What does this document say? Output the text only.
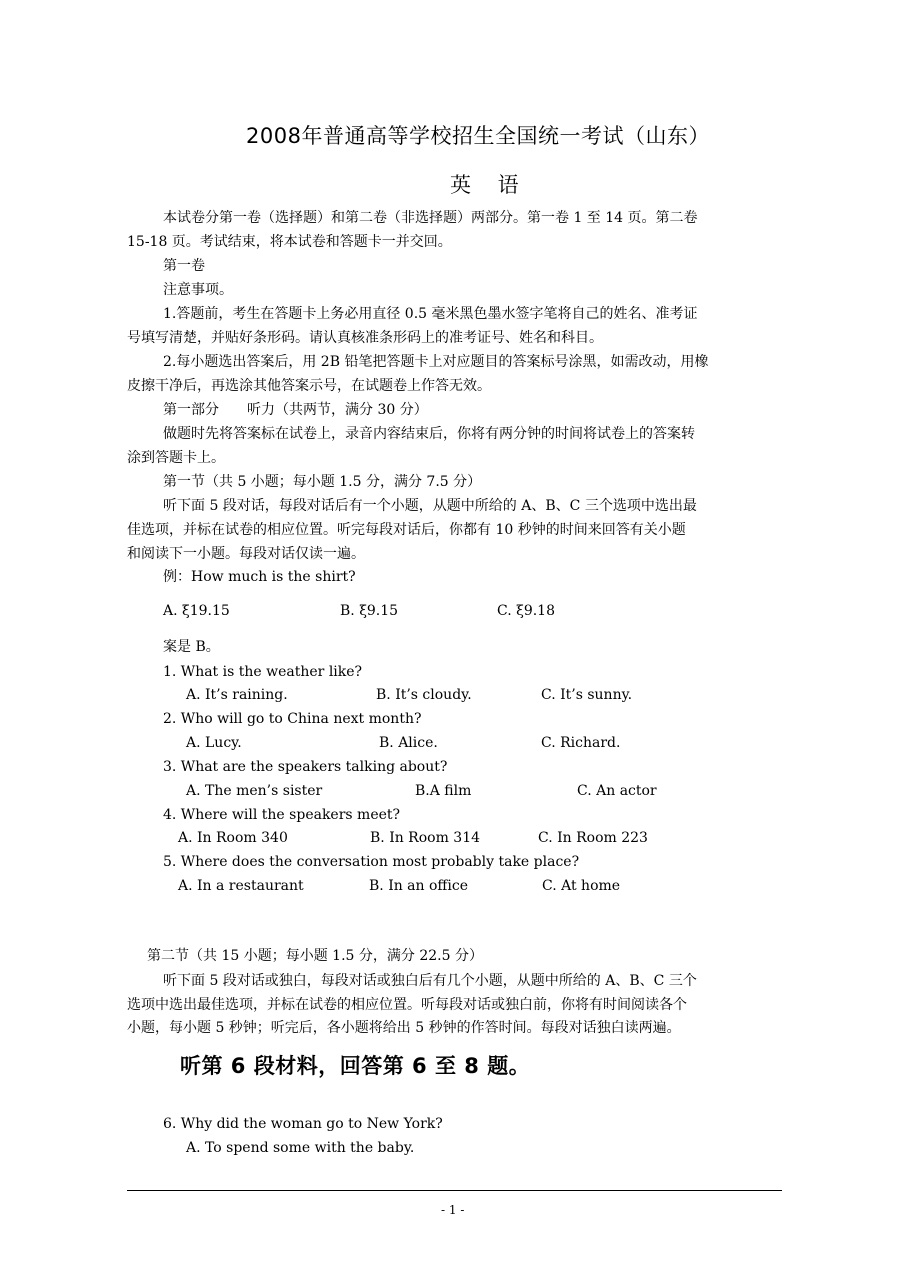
2008年普通高等学校招生全国统一考试（山东）
英 语
本试卷分第一卷（选择题）和第二卷（非选择题）两部分。第一卷 1 至 14 页。第二卷
15-18 页。考试结束，将本试卷和答题卡一并交回。
第一卷
注意事项。
1.答题前，考生在答题卡上务必用直径 0.5 毫米黑色墨水签字笔将自己的姓名、准考证
号填写清楚，并贴好条形码。请认真核准条形码上的准考证号、姓名和科目。
2.每小题选出答案后，用 2B 铅笔把答题卡上对应题目的答案标号涂黑，如需改动，用橡
皮擦干净后，再选涂其他答案示号，在试题卷上作答无效。
第一部分　　听力（共两节，满分 30 分）
做题时先将答案标在试卷上，录音内容结束后，你将有两分钟的时间将试卷上的答案转
涂到答题卡上。
第一节（共 5 小题；每小题 1.5 分，满分 7.5 分）
听下面 5 段对话，每段对话后有一个小题，从题中所给的 A、B、C 三个选项中选出最
佳选项，并标在试卷的相应位置。听完每段对话后，你都有 10 秒钟的时间来回答有关小题
和阅读下一小题。每段对话仅读一遍。
例：How much is the shirt?
A. ξ19.15	B. ξ9.15	C. ξ9.18
案是 B。
1. What is the weather like?
A. It’s raining.	B. It’s cloudy.	C. It’s sunny.
2. Who will go to China next month?
A. Lucy.	B. Alice.	C. Richard.
3. What are the speakers talking about?
A. The men’s sister	B.A film	C. An actor
4. Where will the speakers meet?
A. In Room 340	B. In Room 314	C. In Room 223
5. Where does the conversation most probably take place?
A. In a restaurant	B. In an office	C. At home
第二节（共 15 小题；每小题 1.5 分，满分 22.5 分）
听下面 5 段对话或独白，每段对话或独白后有几个小题，从题中所给的 A、B、C 三个
选项中选出最佳选项，并标在试卷的相应位置。听每段对话或独白前，你将有时间阅读各个
小题，每小题 5 秒钟；听完后，各小题将给出 5 秒钟的作答时间。每段对话独白读两遍。
听第 6 段材料，回答第 6 至 8 题。
6. Why did the woman go to New York?
A. To spend some with the baby.
- 1 -
